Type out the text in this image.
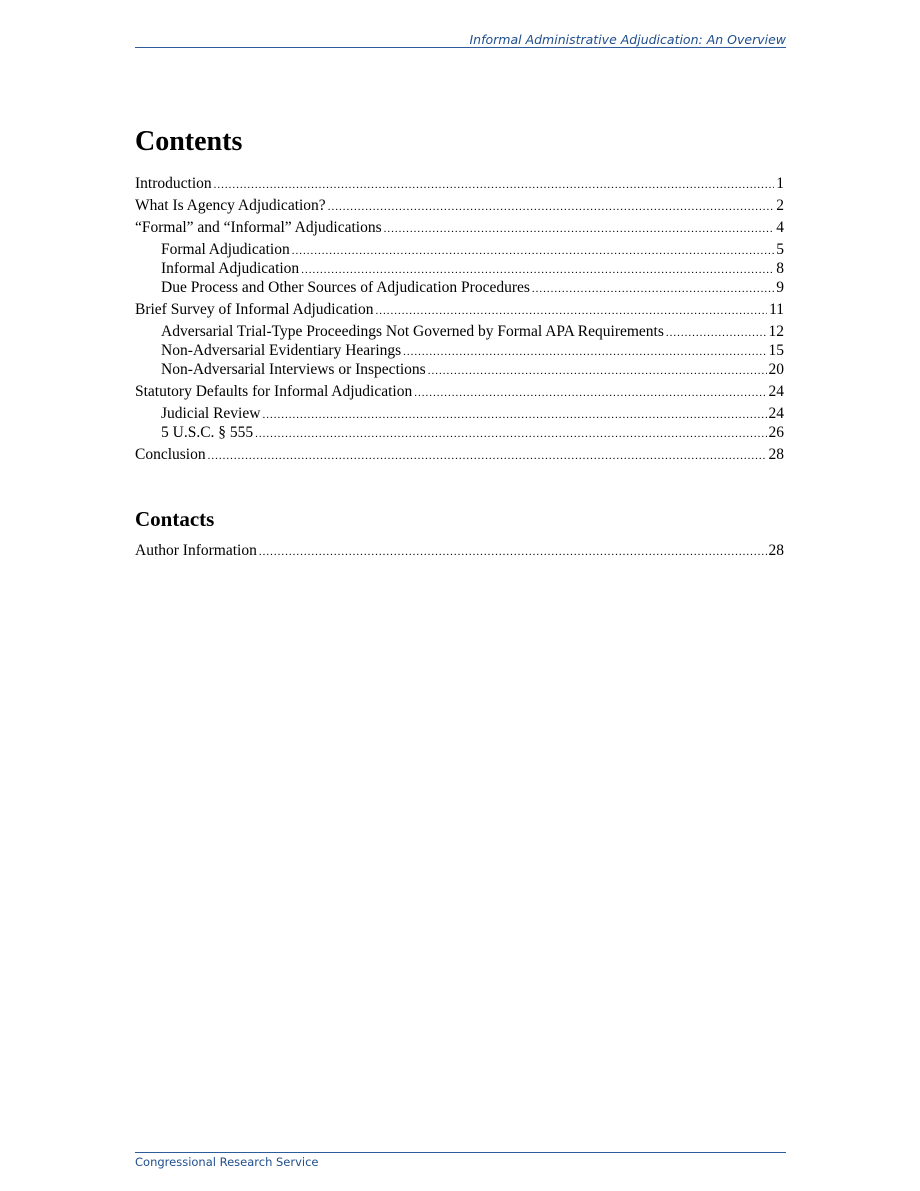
Informal Administrative Adjudication: An Overview
Contents
Introduction .....	1
What Is Agency Adjudication? .....	2
“Formal” and “Informal” Adjudications .....	4
Formal Adjudication .....	5
Informal Adjudication .....	8
Due Process and Other Sources of Adjudication Procedures .....	9
Brief Survey of Informal Adjudication .....	11
Adversarial Trial-Type Proceedings Not Governed by Formal APA Requirements .....	12
Non-Adversarial Evidentiary Hearings .....	15
Non-Adversarial Interviews or Inspections .....	20
Statutory Defaults for Informal Adjudication .....	24
Judicial Review .....	24
5 U.S.C. § 555 .....	26
Conclusion .....	28
Contacts
Author Information .....	28
Congressional Research Service
